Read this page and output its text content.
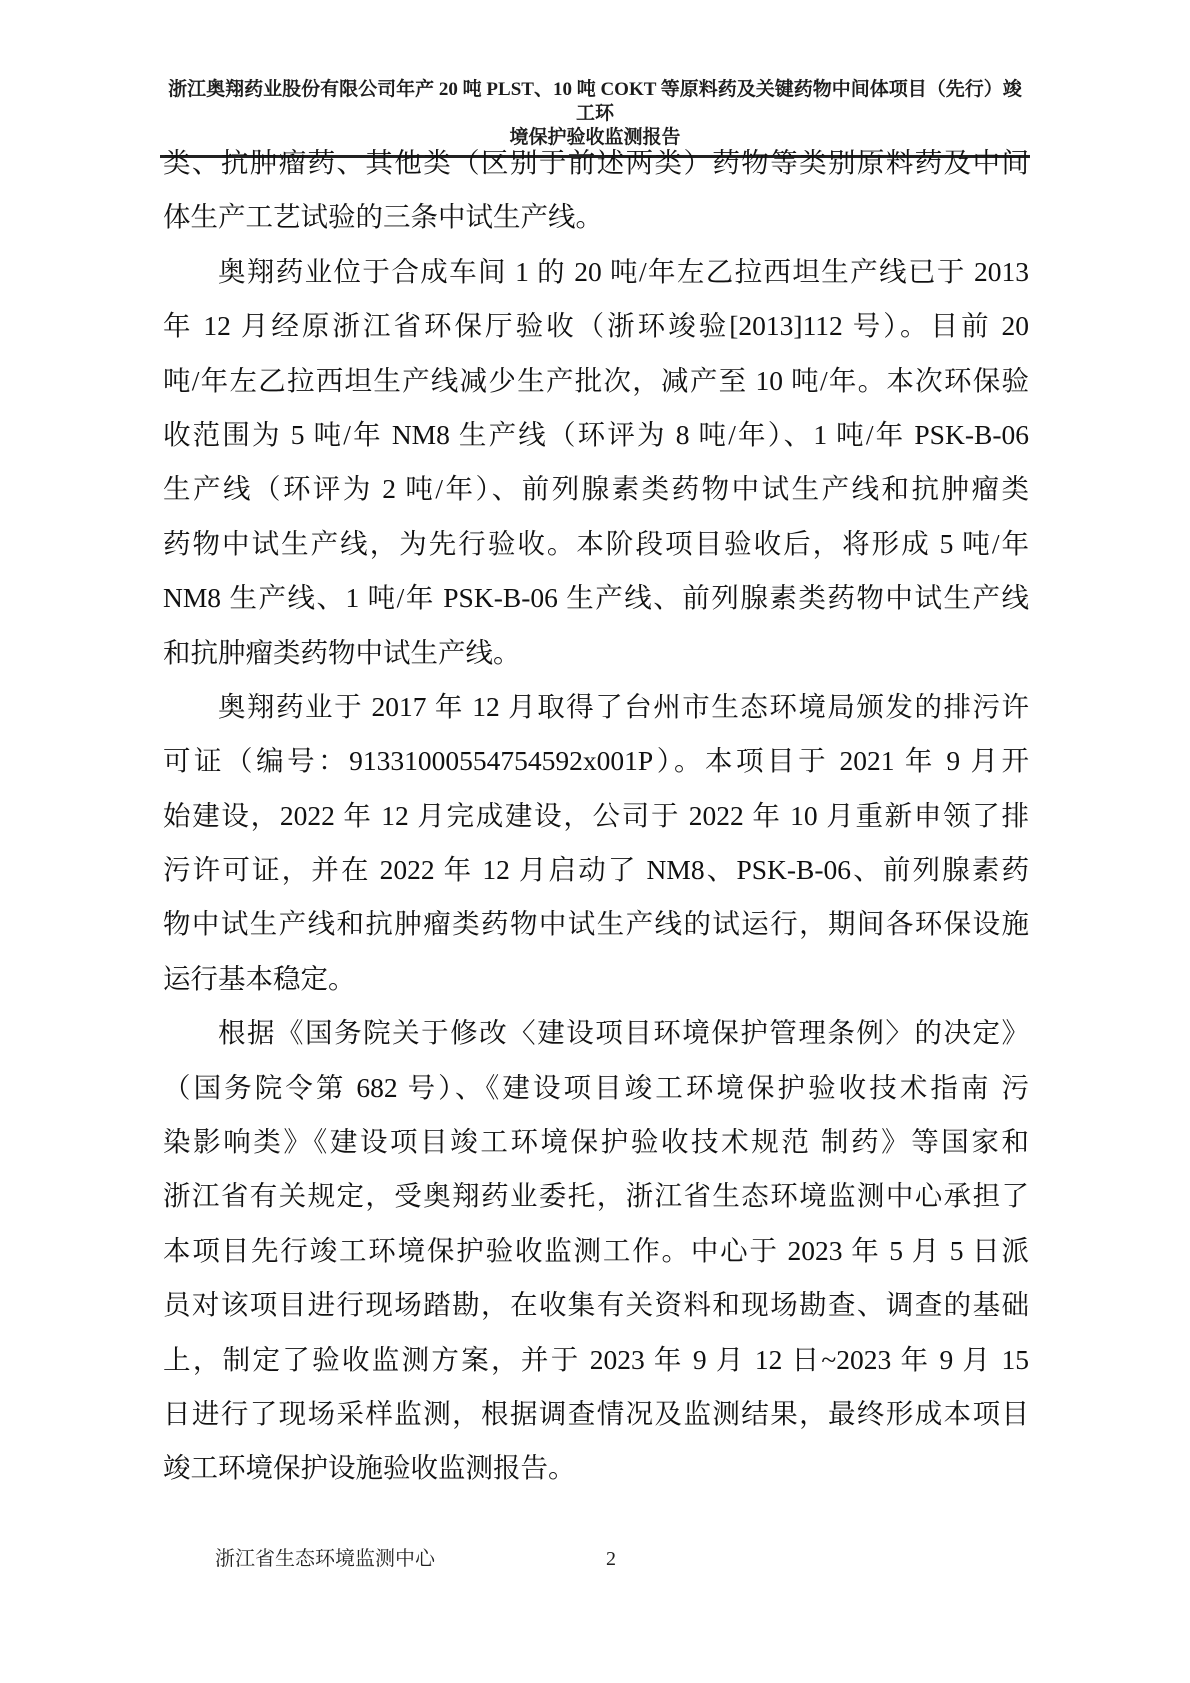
浙江奥翔药业股份有限公司年产 20 吨 PLST、10 吨 COKT 等原料药及关键药物中间体项目（先行）竣工环
境保护验收监测报告
类、抗肿瘤药、其他类（区别于前述两类）药物等类别原料药及中间
体生产工艺试验的三条中试生产线。
奥翔药业位于合成车间 1 的 20 吨/年左乙拉西坦生产线已于 2013
年 12 月经原浙江省环保厅验收（浙环竣验[2013]112 号）。目前 20
吨/年左乙拉西坦生产线减少生产批次，减产至 10 吨/年。本次环保验
收范围为 5 吨/年 NM8 生产线（环评为 8 吨/年）、1 吨/年 PSK-B-06
生产线（环评为 2 吨/年）、前列腺素类药物中试生产线和抗肿瘤类
药物中试生产线，为先行验收。本阶段项目验收后，将形成 5 吨/年
NM8 生产线、1 吨/年 PSK-B-06 生产线、前列腺素类药物中试生产线
和抗肿瘤类药物中试生产线。
奥翔药业于 2017 年 12 月取得了台州市生态环境局颁发的排污许
可证（编号：91331000554754592x001P）。本项目于 2021 年 9 月开
始建设，2022 年 12 月完成建设，公司于 2022 年 10 月重新申领了排
污许可证，并在 2022 年 12 月启动了 NM8、PSK-B-06、前列腺素药
物中试生产线和抗肿瘤类药物中试生产线的试运行，期间各环保设施
运行基本稳定。
根据《国务院关于修改〈建设项目环境保护管理条例〉的决定》
（国务院令第 682 号）、《建设项目竣工环境保护验收技术指南 污
染影响类》《建设项目竣工环境保护验收技术规范 制药》等国家和
浙江省有关规定，受奥翔药业委托，浙江省生态环境监测中心承担了
本项目先行竣工环境保护验收监测工作。中心于 2023 年 5 月 5 日派
员对该项目进行现场踏勘，在收集有关资料和现场勘查、调查的基础
上，制定了验收监测方案，并于 2023 年 9 月 12 日~2023 年 9 月 15
日进行了现场采样监测，根据调查情况及监测结果，最终形成本项目
竣工环境保护设施验收监测报告。
浙江省生态环境监测中心	2
